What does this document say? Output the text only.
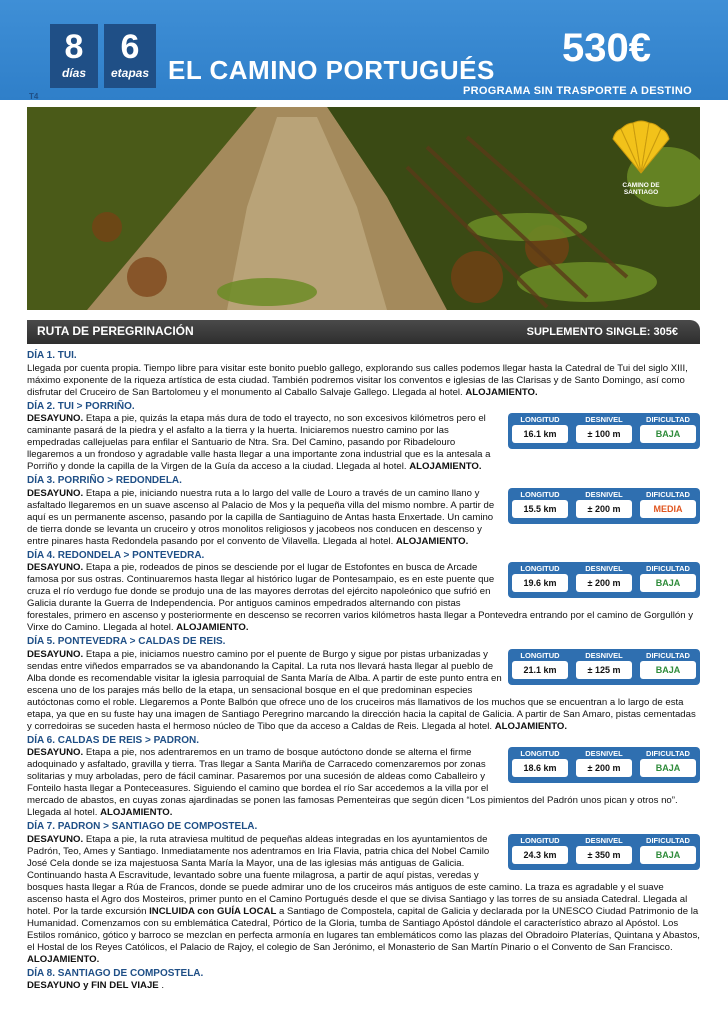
8
días
6
etapas EL CAMINO PORTUGUÉS 530€
PROGRAMA SIN TRASPORTE A DESTINO
T4
CAMINO DE SANTIAGO
RUTA DE PEREGRINACIÓN	SUPLEMENTO SINGLE: 305€
DÍA 1. TUI.

Llegada por cuenta propia. Tiempo libre para visitar este bonito pueblo gallego, explorando sus calles podemos llegar hasta la Catedral de Tui del siglo XIII, máximo exponente de la riqueza artística de esta ciudad. También podremos visitar los conventos e iglesias de las Clarisas y de Santo Domingo, así como disfrutar del Cruceiro de San Bartolomeu y el monumento al Caballo Salvaje Gallego. Llegada al hotel. ALOJAMIENTO.

DÍA 2. TUI > PORRIÑO.
LONGITUD	DESNIVEL	DIFICULTAD
16.1 km	± 100 m	BAJA

DESAYUNO. Etapa a pie, quizás la etapa más dura de todo el trayecto, no son excesivos kilómetros pero el caminante pasará de la piedra y el asfalto a la tierra y la huerta. Iniciaremos nuestro camino por las empedradas callejuelas para enfilar el Santuario de Ntra. Sra. Del Camino, pasando por Ribadelouro llegaremos a un frondoso y agradable valle hasta llegar a una importante zona industrial que es la antesala a Porriño y donde la capilla de la Virgen de la Guía da acceso a la ciudad. Llegada al hotel. ALOJAMIENTO.

DÍA 3. PORRIÑO > REDONDELA.
LONGITUD	DESNIVEL	DIFICULTAD
15.5 km	± 200 m	MEDIA

DESAYUNO. Etapa a pie, iniciando nuestra ruta a lo largo del valle de Louro a través de un camino llano y asfaltado llegaremos en un suave ascenso al Palacio de Mos y la pequeña villa del mismo nombre. A partir de aquí es un permanente ascenso, pasando por la capilla de Santiaguino de Antas hasta Enxertade. Un camino de tierra donde se levanta un cruceiro y otros monolitos religiosos y jacobeos nos conducen en descenso y entre pinares hasta Redondela pasando por el convento de Vilavella. Llegada al hotel. ALOJAMIENTO.

DÍA 4. REDONDELA > PONTEVEDRA.
LONGITUD	DESNIVEL	DIFICULTAD
19.6 km	± 200 m	BAJA

DESAYUNO. Etapa a pie, rodeados de pinos se desciende por el lugar de Estofontes en busca de Arcade famosa por sus ostras. Continuaremos hasta llegar al histórico lugar de Pontesampaio, es en este puente que cruza el río verdugo fue donde se produjo una de las mayores derrotas del ejército napoleónico que sufrió en Galicia durante la Guerra de Independencia. Por antiguos caminos empedrados alternando con pistas forestales, primero en ascenso y posteriormente en descenso se recorren varios kilómetros hasta llegar a Pontevedra entrando por el camino de Gorgullón y Virxe do Camino. Llegada al hotel. ALOJAMIENTO.

DÍA 5. PONTEVEDRA > CALDAS DE REIS.
LONGITUD	DESNIVEL	DIFICULTAD
21.1 km	± 125 m	BAJA

DESAYUNO. Etapa a pie, iniciamos nuestro camino por el puente de Burgo y sigue por pistas urbanizadas y sendas entre viñedos emparrados se va abandonando la Capital. La ruta nos llevará hasta llegar al pueblo de Alba donde es recomendable visitar la iglesia parroquial de Santa María de Alba. A partir de este punto entra en escena uno de los parajes más bello de la etapa, un sensacional bosque en el que predominan especies autóctonas como el roble. Llegaremos a Ponte Balbón que ofrece uno de los cruceiros más llamativos de los muchos que se encuentran a lo largo de esta etapa, ya que en su fuste hay una imagen de Santiago Peregrino marcando la dirección hacia la capital de Galicia. A partir de San Amaro, pistas cementadas y corredoiras se suceden hasta el hermoso núcleo de Tibo que da acceso a Caldas de Reis. Llegada al hotel. ALOJAMIENTO.

DÍA 6. CALDAS DE REIS > PADRON.
LONGITUD	DESNIVEL	DIFICULTAD
18.6 km	± 200 m	BAJA

DESAYUNO. Etapa a pie, nos adentraremos en un tramo de bosque autóctono donde se alterna el firme adoquinado y asfaltado, gravilla y tierra. Tras llegar a Santa Mariña de Carracedo comenzaremos por zonas solitarias y muy arboladas, pero de fácil caminar. Pasaremos por una sucesión de aldeas como Caballeiro y Fonteilo hasta llegar a Ponteceasures. Siguiendo el camino que bordea el río Sar accedemos a la villa por el mercado de abastos, en cuyas zonas ajardinadas se ponen las famosas Pementeiras que según dicen “Los pimientos del Padrón unos pican y otros no”. Llegada al hotel. ALOJAMIENTO.

DÍA 7. PADRON > SANTIAGO DE COMPOSTELA.
LONGITUD	DESNIVEL	DIFICULTAD
24.3 km	± 350 m	BAJA

DESAYUNO. Etapa a pie, la ruta atraviesa multitud de pequeñas aldeas integradas en los ayuntamientos de Padrón, Teo, Ames y Santiago. Inmediatamente nos adentramos en Iria Flavia, patria chica del Nobel Camilo José Cela donde se iza majestuosa Santa María la Mayor, una de las iglesias más antiguas de Galicia. Continuando hasta A Escravitude, levantado sobre una fuente milagrosa, a partir de aquí pistas, veredas y bosques hasta llegar a Rúa de Francos, donde se puede admirar uno de los cruceiros más antiguos de este camino. La traza es agradable y el suave ascenso hasta el Agro dos Mosteiros, primer punto en el Camino Portugués desde el que se divisa Santiago y las torres de su ansiada Catedral. Llegada al hotel. Por la tarde excursión INCLUIDA con GUÍA LOCAL a Santiago de Compostela, capital de Galicia y declarada por la UNESCO Ciudad Patrimonio de la Humanidad. Comenzamos con su emblemática Catedral, Pórtico de la Gloria, tumba de Santiago Apóstol dándole el característico abrazo al Apóstol. Los Estilos románico, gótico y barroco se mezclan en perfecta armonía en lugares tan emblemáticos como las plazas del Obradoiro Platerías, Quintana y Abastos, el Hostal de los Reyes Católicos, el Palacio de Rajoy, el colegio de San Jerónimo, el Monasterio de San Martín Pinario o el Convento de San Francisco. ALOJAMIENTO.

DÍA 8. SANTIAGO DE COMPOSTELA.

DESAYUNO y FIN DEL VIAJE .
